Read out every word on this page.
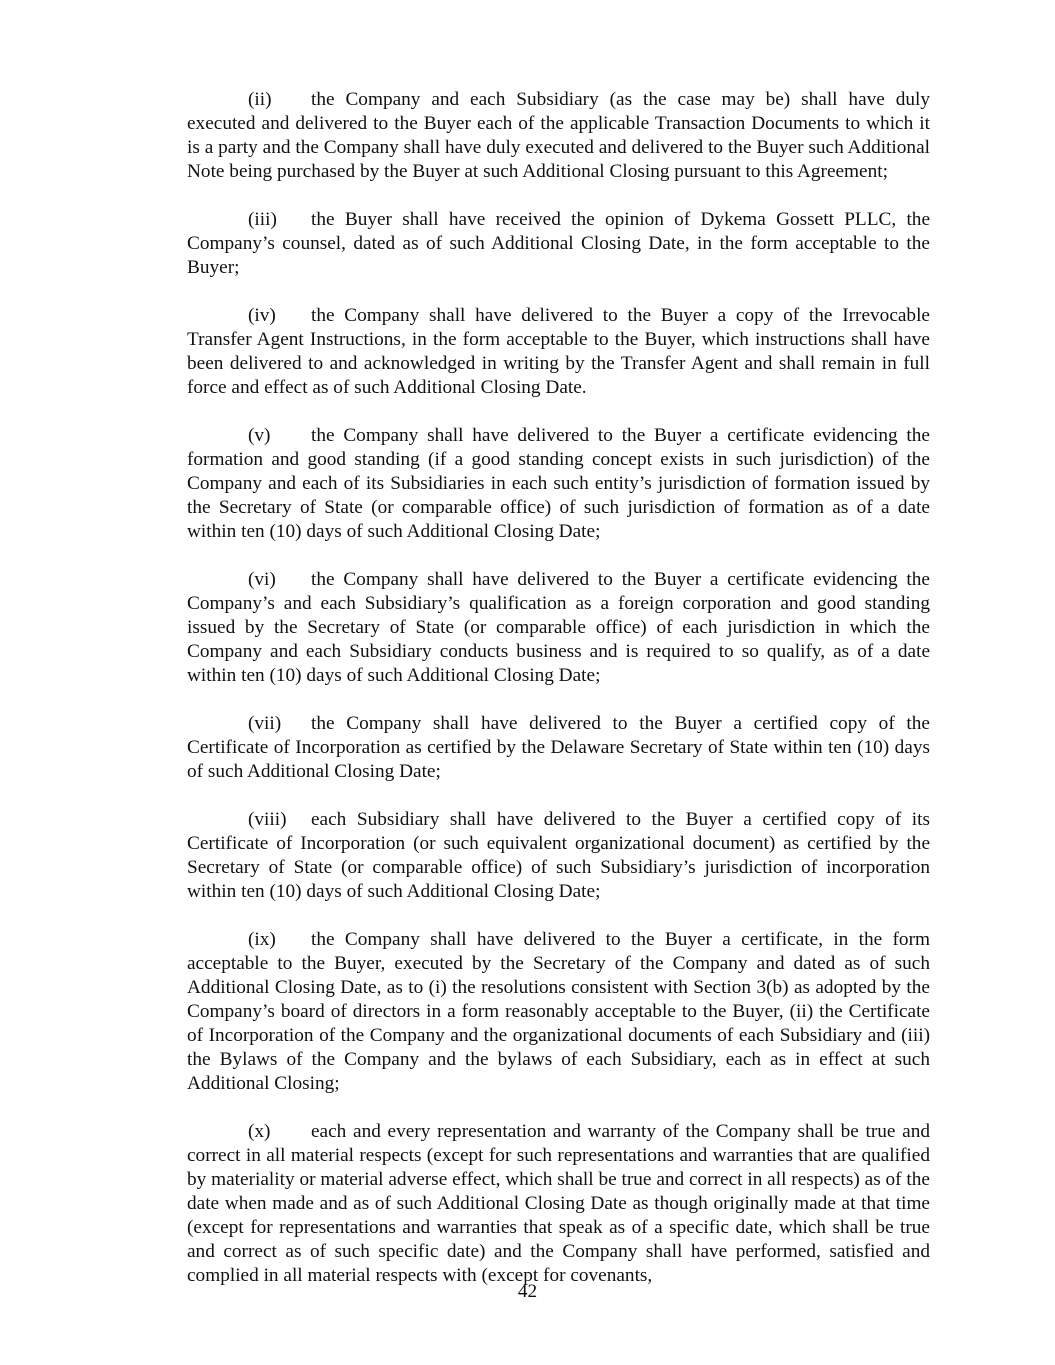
(ii) the Company and each Subsidiary (as the case may be) shall have duly executed and delivered to the Buyer each of the applicable Transaction Documents to which it is a party and the Company shall have duly executed and delivered to the Buyer such Additional Note being purchased by the Buyer at such Additional Closing pursuant to this Agreement;

(iii) the Buyer shall have received the opinion of Dykema Gossett PLLC, the Company’s counsel, dated as of such Additional Closing Date, in the form acceptable to the Buyer;

(iv) the Company shall have delivered to the Buyer a copy of the Irrevocable Transfer Agent Instructions, in the form acceptable to the Buyer, which instructions shall have been delivered to and acknowledged in writing by the Transfer Agent and shall remain in full force and effect as of such Additional Closing Date.

(v) the Company shall have delivered to the Buyer a certificate evidencing the formation and good standing (if a good standing concept exists in such jurisdiction) of the Company and each of its Subsidiaries in each such entity’s jurisdiction of formation issued by the Secretary of State (or comparable office) of such jurisdiction of formation as of a date within ten (10) days of such Additional Closing Date;

(vi) the Company shall have delivered to the Buyer a certificate evidencing the Company’s and each Subsidiary’s qualification as a foreign corporation and good standing issued by the Secretary of State (or comparable office) of each jurisdiction in which the Company and each Subsidiary conducts business and is required to so qualify, as of a date within ten (10) days of such Additional Closing Date;

(vii) the Company shall have delivered to the Buyer a certified copy of the Certificate of Incorporation as certified by the Delaware Secretary of State within ten (10) days of such Additional Closing Date;

(viii) each Subsidiary shall have delivered to the Buyer a certified copy of its Certificate of Incorporation (or such equivalent organizational document) as certified by the Secretary of State (or comparable office) of such Subsidiary’s jurisdiction of incorporation within ten (10) days of such Additional Closing Date;

(ix) the Company shall have delivered to the Buyer a certificate, in the form acceptable to the Buyer, executed by the Secretary of the Company and dated as of such Additional Closing Date, as to (i) the resolutions consistent with Section 3(b) as adopted by the Company’s board of directors in a form reasonably acceptable to the Buyer, (ii) the Certificate of Incorporation of the Company and the organizational documents of each Subsidiary and (iii) the Bylaws of the Company and the bylaws of each Subsidiary, each as in effect at such Additional Closing;

(x) each and every representation and warranty of the Company shall be true and correct in all material respects (except for such representations and warranties that are qualified by materiality or material adverse effect, which shall be true and correct in all respects) as of the date when made and as of such Additional Closing Date as though originally made at that time (except for representations and warranties that speak as of a specific date, which shall be true and correct as of such specific date) and the Company shall have performed, satisfied and complied in all material respects with (except for covenants,

42
